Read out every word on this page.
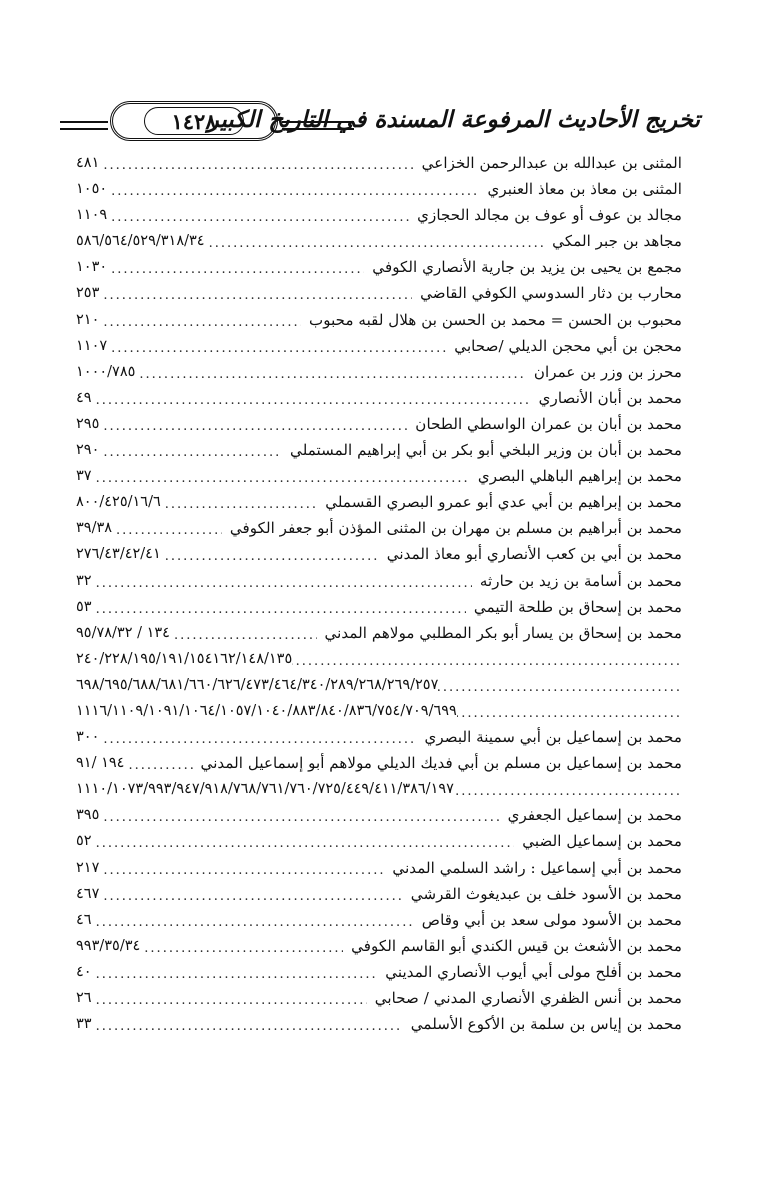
١٤٢٨
تخريج الأحاديث المرفوعة المسندة في التاريخ الكبير
المثنى بن عبدالله بن عبدالرحمن الخزاعي
.....
٤٨١
المثنى بن معاذ بن معاذ العنبري
.....
١٠٥٠
مجالد بن عوف أو عوف بن مجالد الحجازي
.....
١١٠٩
مجاهد بن جبر المكي
.....
٥٨٦/٥٦٤/٥٢٩/٣١٨/٣٤
مجمع بن يحيى بن يزيد بن جارية الأنصاري الكوفي
.....
١٠٣٠
محارب بن دثار السدوسي الكوفي القاضي
.....
٢٥٣
محبوب بن الحسن = محمد بن الحسن بن هلال لقبه محبوب
.....
٢١٠
محجن بن أبي محجن الديلي /صحابي
.....
١١٠٧
محرز بن وزر بن عمران
.....
١٠٠٠/٧٨٥
محمد بن أبان الأنصاري
.....
٤٩
محمد بن أبان بن عمران الواسطي الطحان
.....
٢٩٥
محمد بن أبان بن وزير البلخي أبو بكر بن أبي إبراهيم المستملي
.....
٢٩٠
محمد بن إبراهيم الباهلي البصري
.....
٣٧
محمد بن إبراهيم بن أبي عدي أبو عمرو البصري القسملي
.....
٨٠٠/٤٢٥/١٦/٦
محمد بن أبراهيم بن مسلم بن مهران بن المثنى المؤذن أبو جعفر الكوفي
.....
٣٩/٣٨
محمد بن أبي بن كعب الأنصاري أبو معاذ المدني
.....
٢٧٦/٤٣/٤٢/٤١
محمد بن أسامة بن زيد بن حارثه
.....
٣٢
محمد بن إسحاق بن طلحة التيمي
.....
٥٣
محمد بن إسحاق بن يسار أبو بكر المطلبي مولاهم المدني
.....
١٣٤ / ٩٥/٧٨/٣٢
.....
٢٤٠/٢٢٨/١٩٥/١٩١/١٥٤١٦٢/١٤٨/١٣٥
.....
٦٩٨/٦٩٥/٦٨٨/٦٨١/٦٦٠/٦٢٦/٤٧٣/٤٦٤/٣٤٠/٢٨٩/٢٦٨/٢٦٩/٢٥٧
.....
١١١٦/١١٠٩/١٠٩١/١٠٦٤/١٠٥٧/١٠٤٠/٨٨٣/٨٤٠/٨٣٦/٧٥٤/٧٠٩/٦٩٩
محمد بن إسماعيل بن أبي سمينة البصري
.....
٣٠٠
محمد بن إسماعيل بن مسلم بن أبي فديك الديلي مولاهم أبو إسماعيل المدني
.....
١٩٤ /٩١
.....
١١١٠/١٠٧٣/٩٩٣/٩٤٧/٩١٨/٧٦٨/٧٦١/٧٦٠/٧٢٥/٤٤٩/٤١١/٣٨٦/١٩٧
محمد بن إسماعيل الجعفري
.....
٣٩٥
محمد بن إسماعيل الضبي
.....
٥٢
محمد بن أبي إسماعيل : راشد السلمي المدني
.....
٢١٧
محمد بن الأسود خلف بن عبديغوث القرشي
.....
٤٦٧
محمد بن الأسود مولى سعد بن أبي وقاص
.....
٤٦
محمد بن الأشعث بن قيس الكندي أبو القاسم الكوفي
.....
٩٩٣/٣٥/٣٤
محمد بن أفلح مولى أبي أيوب الأنصاري المديني
.....
٤٠
محمد بن أنس الظفري الأنصاري المدني / صحابي
.....
٢٦
محمد بن إياس بن سلمة بن الأكوع الأسلمي
.....
٣٣
